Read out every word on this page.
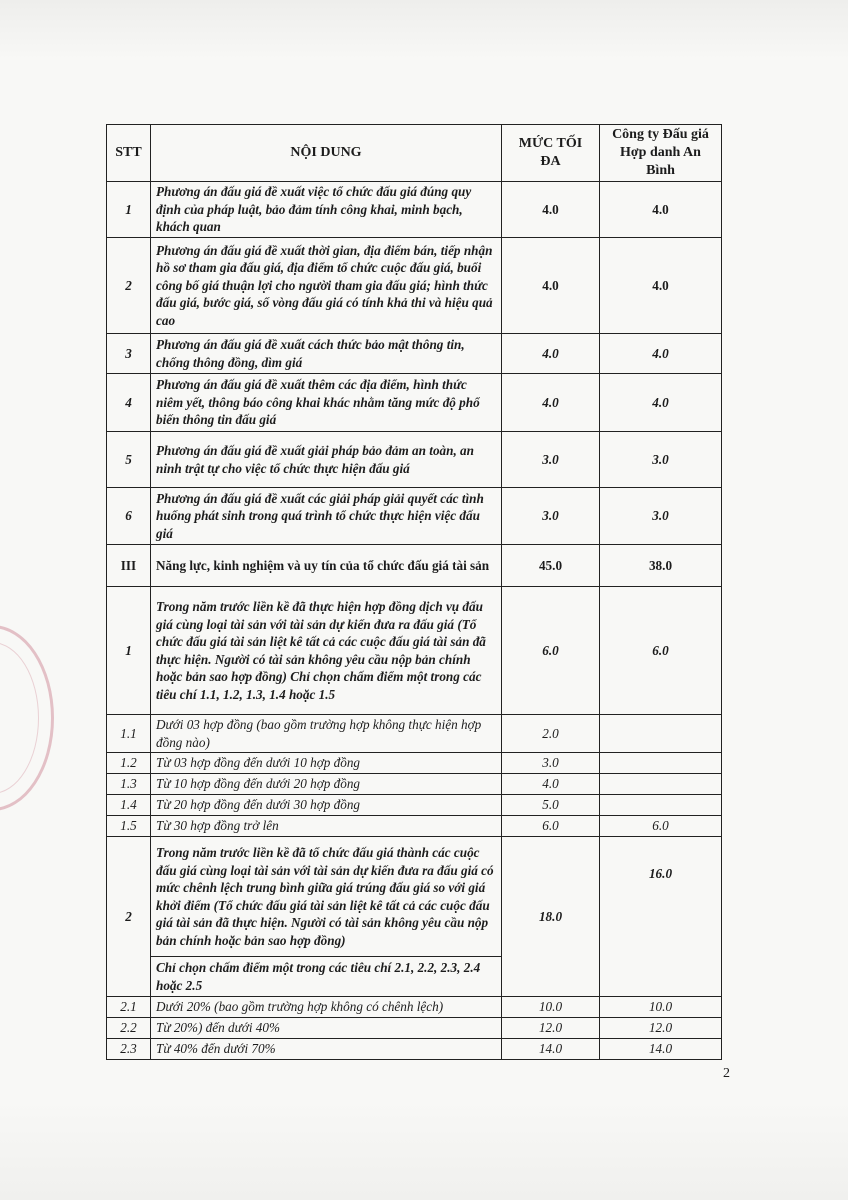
STT	NỘI DUNG	MỨC TỐI ĐA	Công ty Đấu giá Hợp danh An Bình
1	Phương án đấu giá đề xuất việc tổ chức đấu giá đúng quy định của pháp luật, bảo đảm tính công khai, minh bạch, khách quan	4.0	4.0
2	Phương án đấu giá đề xuất thời gian, địa điểm bán, tiếp nhận hồ sơ tham gia đấu giá, địa điểm tổ chức cuộc đấu giá, buổi công bố giá thuận lợi cho người tham gia đấu giá; hình thức đấu giá, bước giá, số vòng đấu giá có tính khả thi và hiệu quả cao	4.0	4.0
3	Phương án đấu giá đề xuất cách thức bảo mật thông tin, chống thông đồng, dìm giá	4.0	4.0
4	Phương án đấu giá đề xuất thêm các địa điểm, hình thức niêm yết, thông báo công khai khác nhằm tăng mức độ phổ biến thông tin đấu giá	4.0	4.0
5	Phương án đấu giá đề xuất giải pháp bảo đảm an toàn, an ninh trật tự cho việc tổ chức thực hiện đấu giá	3.0	3.0
6	Phương án đấu giá đề xuất các giải pháp giải quyết các tình huống phát sinh trong quá trình tổ chức thực hiện việc đấu giá	3.0	3.0
III	Năng lực, kinh nghiệm và uy tín của tổ chức đấu giá tài sản	45.0	38.0
1	Trong năm trước liền kề đã thực hiện hợp đồng dịch vụ đấu giá cùng loại tài sản với tài sản dự kiến đưa ra đấu giá (Tổ chức đấu giá tài sản liệt kê tất cả các cuộc đấu giá tài sản đã thực hiện. Người có tài sản không yêu cầu nộp bản chính hoặc bản sao hợp đồng) Chỉ chọn chấm điểm một trong các tiêu chí 1.1, 1.2, 1.3, 1.4 hoặc 1.5	6.0	6.0
1.1	Dưới 03 hợp đồng (bao gồm trường hợp không thực hiện hợp đồng nào)	2.0	
1.2	Từ 03 hợp đồng đến dưới 10 hợp đồng	3.0	
1.3	Từ 10 hợp đồng đến dưới 20 hợp đồng	4.0	
1.4	Từ 20 hợp đồng đến dưới 30 hợp đồng	5.0	
1.5	Từ 30 hợp đồng trở lên	6.0	6.0
2	Trong năm trước liền kề đã tổ chức đấu giá thành các cuộc đấu giá cùng loại tài sản với tài sản dự kiến đưa ra đấu giá có mức chênh lệch trung bình giữa giá trúng đấu giá so với giá khởi điểm (Tổ chức đấu giá tài sản liệt kê tất cả các cuộc đấu giá tài sản đã thực hiện. Người có tài sản không yêu cầu nộp bản chính hoặc bản sao hợp đồng)	18.0	16.0
	Chỉ chọn chấm điểm một trong các tiêu chí 2.1, 2.2, 2.3, 2.4 hoặc 2.5		
2.1	Dưới 20% (bao gồm trường hợp không có chênh lệch)	10.0	10.0
2.2	Từ 20%) đến dưới 40%	12.0	12.0
2.3	Từ 40% đến dưới 70%	14.0	14.0
2
